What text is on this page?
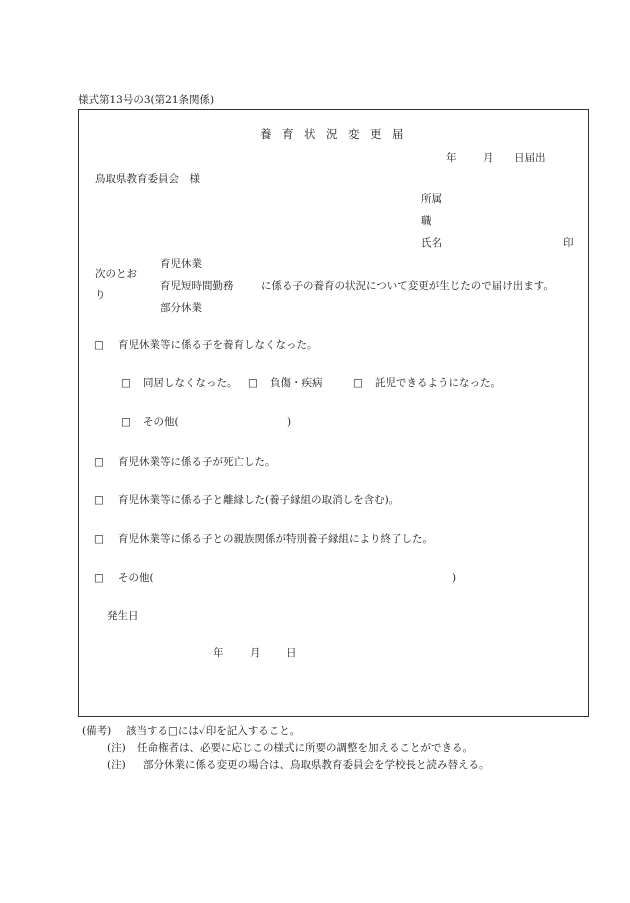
様式第13号の3(第21条関係)
養 育 状 況 変 更 届
年	月 日届出
鳥取県教育委員会　様
所属
職
氏名	印
次のとお
り
育児休業
育児短時間勤務
部分休業
に係る子の養育の状況について変更が生じたので届け出ます。
□ 育児休業等に係る子を養育しなくなった。
□ 同居しなくなった。 □ 負傷・疾病	□ 託児できるようになった。
□ その他(	)
□ 育児休業等に係る子が死亡した。
□ 育児休業等に係る子と離縁した(養子縁組の取消しを含む)。
□ 育児休業等に係る子との親族関係が特別養子縁組により終了した。
□ その他(	)
発生日
年	月 日
(備考) 該当する□には✓印を記入すること。
(注) 任命権者は、必要に応じこの様式に所要の調整を加えることができる。
(注) 部分休業に係る変更の場合は、鳥取県教育委員会を学校長と読み替える。
